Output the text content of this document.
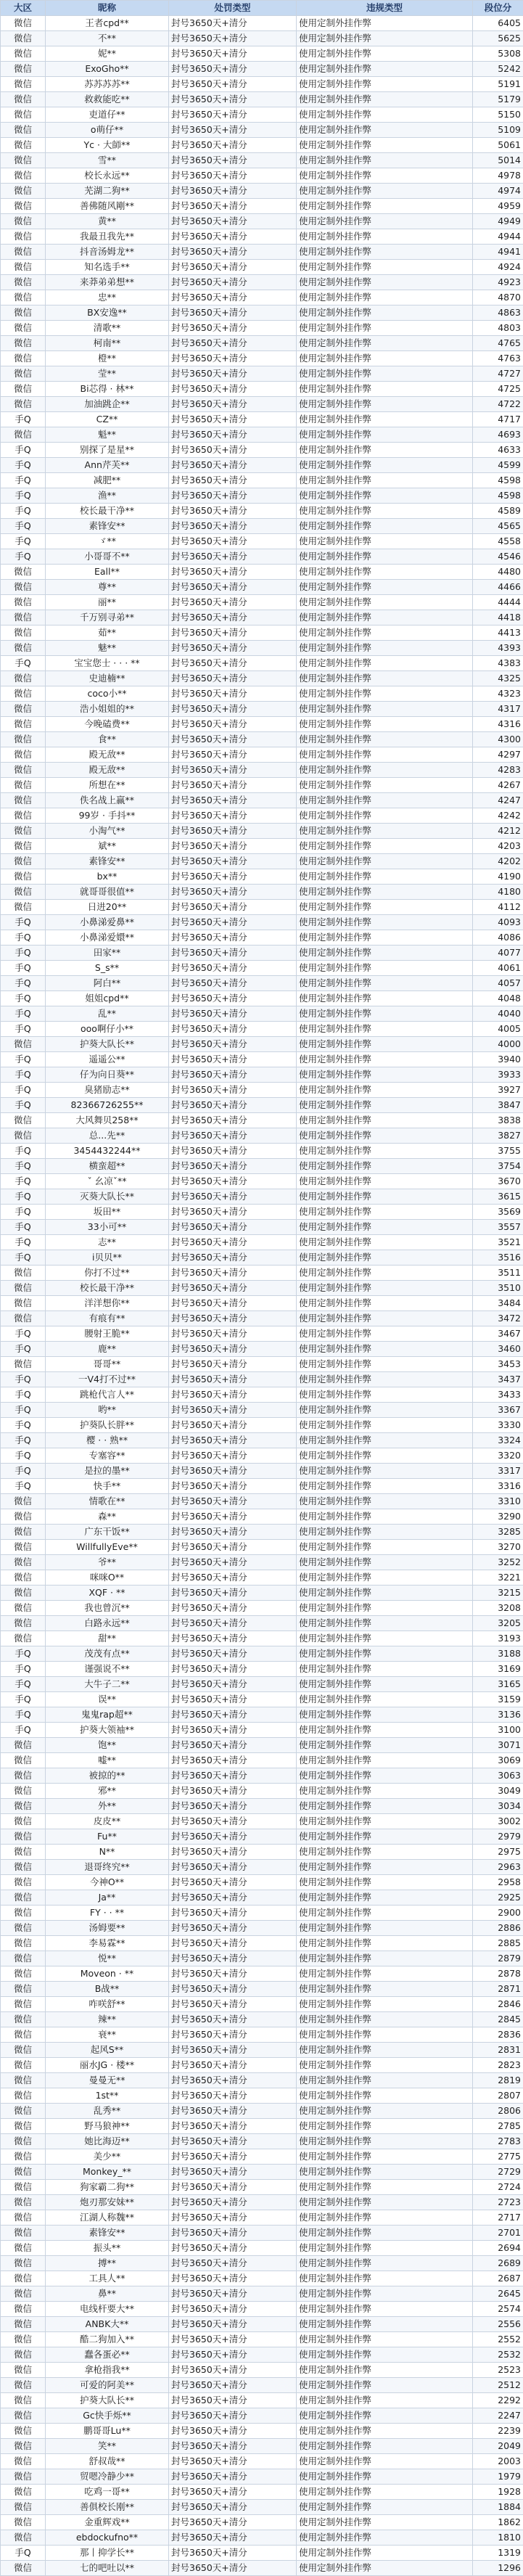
大区	昵称	处罚类型	违规类型	段位分
微信	王者cpd**	封号3650天+清分	使用定制外挂作弊	6405
微信	不**	封号3650天+清分	使用定制外挂作弊	5625
微信	妮**	封号3650天+清分	使用定制外挂作弊	5308
微信	ExoGho**	封号3650天+清分	使用定制外挂作弊	5242
微信	苏苏苏苏**	封号3650天+清分	使用定制外挂作弊	5191
微信	救救能吃**	封号3650天+清分	使用定制外挂作弊	5179
微信	吏道仔**	封号3650天+清分	使用定制外挂作弊	5150
微信	o萌仔**	封号3650天+清分	使用定制外挂作弊	5109
微信	Yc · 大師**	封号3650天+清分	使用定制外挂作弊	5061
微信	雪**	封号3650天+清分	使用定制外挂作弊	5014
微信	校长永远**	封号3650天+清分	使用定制外挂作弊	4978
微信	芜湖二狗**	封号3650天+清分	使用定制外挂作弊	4974
微信	善佛随风剛**	封号3650天+清分	使用定制外挂作弊	4959
微信	黄**	封号3650天+清分	使用定制外挂作弊	4949
微信	我最丑我先**	封号3650天+清分	使用定制外挂作弊	4944
微信	抖音汤姆龙**	封号3650天+清分	使用定制外挂作弊	4941
微信	知名选手**	封号3650天+清分	使用定制外挂作弊	4924
微信	来莽弟弟想**	封号3650天+清分	使用定制外挂作弊	4923
微信	忠**	封号3650天+清分	使用定制外挂作弊	4870
微信	BX安逸**	封号3650天+清分	使用定制外挂作弊	4863
微信	清歌**	封号3650天+清分	使用定制外挂作弊	4803
微信	柯南**	封号3650天+清分	使用定制外挂作弊	4765
微信	橙**	封号3650天+清分	使用定制外挂作弊	4763
微信	莹**	封号3650天+清分	使用定制外挂作弊	4727
微信	Bi芯得 · 林**	封号3650天+清分	使用定制外挂作弊	4725
微信	加油跳企**	封号3650天+清分	使用定制外挂作弊	4722
手Q	CZ**	封号3650天+清分	使用定制外挂作弊	4717
微信	魁**	封号3650天+清分	使用定制外挂作弊	4693
手Q	别探了是星**	封号3650天+清分	使用定制外挂作弊	4633
手Q	Ann芹芙**	封号3650天+清分	使用定制外挂作弊	4599
手Q	减肥**	封号3650天+清分	使用定制外挂作弊	4598
手Q	渔**	封号3650天+清分	使用定制外挂作弊	4598
手Q	校长最干净**	封号3650天+清分	使用定制外挂作弊	4589
手Q	素锋安**	封号3650天+清分	使用定制外挂作弊	4565
手Q	ゞ**	封号3650天+清分	使用定制外挂作弊	4558
手Q	小哥哥不**	封号3650天+清分	使用定制外挂作弊	4546
微信	Eall**	封号3650天+清分	使用定制外挂作弊	4480
微信	尊**	封号3650天+清分	使用定制外挂作弊	4466
微信	丽**	封号3650天+清分	使用定制外挂作弊	4444
微信	千万别寻弟**	封号3650天+清分	使用定制外挂作弊	4418
微信	茹**	封号3650天+清分	使用定制外挂作弊	4413
微信	魅**	封号3650天+清分	使用定制外挂作弊	4393
手Q	宝宝您士 · · · **	封号3650天+清分	使用定制外挂作弊	4383
微信	史迪楠**	封号3650天+清分	使用定制外挂作弊	4325
微信	coco小**	封号3650天+清分	使用定制外挂作弊	4323
微信	浩小姐姐的**	封号3650天+清分	使用定制外挂作弊	4317
微信	今晚磕费**	封号3650天+清分	使用定制外挂作弊	4316
微信	食**	封号3650天+清分	使用定制外挂作弊	4300
微信	殿无敌**	封号3650天+清分	使用定制外挂作弊	4297
微信	殿无敌**	封号3650天+清分	使用定制外挂作弊	4283
微信	所想在**	封号3650天+清分	使用定制外挂作弊	4267
微信	佚名战上赢**	封号3650天+清分	使用定制外挂作弊	4247
微信	99岁 · 手抖**	封号3650天+清分	使用定制外挂作弊	4242
微信	小淘气**	封号3650天+清分	使用定制外挂作弊	4212
微信	斌**	封号3650天+清分	使用定制外挂作弊	4203
微信	素锋安**	封号3650天+清分	使用定制外挂作弊	4202
微信	bx**	封号3650天+清分	使用定制外挂作弊	4190
微信	就哥哥很值**	封号3650天+清分	使用定制外挂作弊	4180
微信	日进20**	封号3650天+清分	使用定制外挂作弊	4112
手Q	小鼻涕爱鼻**	封号3650天+清分	使用定制外挂作弊	4093
手Q	小鼻涕爱嬛**	封号3650天+清分	使用定制外挂作弊	4086
手Q	田家**	封号3650天+清分	使用定制外挂作弊	4077
手Q	S_s**	封号3650天+清分	使用定制外挂作弊	4061
手Q	阿白**	封号3650天+清分	使用定制外挂作弊	4057
手Q	姐姐cpd**	封号3650天+清分	使用定制外挂作弊	4048
手Q	乱**	封号3650天+清分	使用定制外挂作弊	4040
手Q	ooo啊仔小**	封号3650天+清分	使用定制外挂作弊	4005
微信	护葵大队长**	封号3650天+清分	使用定制外挂作弊	4000
手Q	遥遥公**	封号3650天+清分	使用定制外挂作弊	3940
手Q	仔为向日葵**	封号3650天+清分	使用定制外挂作弊	3933
手Q	臭猪励志**	封号3650天+清分	使用定制外挂作弊	3927
手Q	82366726255**	封号3650天+清分	使用定制外挂作弊	3847
微信	大风舞贝258**	封号3650天+清分	使用定制外挂作弊	3838
微信	总...先**	封号3650天+清分	使用定制外挂作弊	3827
手Q	3454432244**	封号3650天+清分	使用定制外挂作弊	3755
手Q	横蛮超**	封号3650天+清分	使用定制外挂作弊	3754
手Q	ˇ 幺凉ˇ**	封号3650天+清分	使用定制外挂作弊	3670
手Q	灭葵大队长**	封号3650天+清分	使用定制外挂作弊	3615
手Q	坂田**	封号3650天+清分	使用定制外挂作弊	3569
手Q	33小可**	封号3650天+清分	使用定制外挂作弊	3557
手Q	志**	封号3650天+清分	使用定制外挂作弊	3521
手Q	i贝贝**	封号3650天+清分	使用定制外挂作弊	3516
微信	你打不过**	封号3650天+清分	使用定制外挂作弊	3511
微信	校长最干净**	封号3650天+清分	使用定制外挂作弊	3510
微信	洋洋想你**	封号3650天+清分	使用定制外挂作弊	3484
微信	有痕有**	封号3650天+清分	使用定制外挂作弊	3472
手Q	腰射王脆**	封号3650天+清分	使用定制外挂作弊	3467
手Q	鹿**	封号3650天+清分	使用定制外挂作弊	3460
微信	哥哥**	封号3650天+清分	使用定制外挂作弊	3453
手Q	一V4打不过**	封号3650天+清分	使用定制外挂作弊	3437
手Q	跳枪代言人**	封号3650天+清分	使用定制外挂作弊	3433
手Q	哟**	封号3650天+清分	使用定制外挂作弊	3367
手Q	护葵队长胖**	封号3650天+清分	使用定制外挂作弊	3330
手Q	樱 · · 熟**	封号3650天+清分	使用定制外挂作弊	3324
手Q	专塞容**	封号3650天+清分	使用定制外挂作弊	3320
手Q	是拉的墨**	封号3650天+清分	使用定制外挂作弊	3317
手Q	快手**	封号3650天+清分	使用定制外挂作弊	3316
微信	情歌在**	封号3650天+清分	使用定制外挂作弊	3310
微信	森**	封号3650天+清分	使用定制外挂作弊	3290
微信	广东干饭**	封号3650天+清分	使用定制外挂作弊	3285
微信	WillfullyEve**	封号3650天+清分	使用定制外挂作弊	3270
微信	爷**	封号3650天+清分	使用定制外挂作弊	3252
微信	咪咪O**	封号3650天+清分	使用定制外挂作弊	3221
微信	XQF · **	封号3650天+清分	使用定制外挂作弊	3215
微信	我也曾沉**	封号3650天+清分	使用定制外挂作弊	3208
微信	白路永远**	封号3650天+清分	使用定制外挂作弊	3205
微信	甜**	封号3650天+清分	使用定制外挂作弊	3193
手Q	茂茂有点**	封号3650天+清分	使用定制外挂作弊	3188
手Q	谨强说不**	封号3650天+清分	使用定制外挂作弊	3169
手Q	大牛子二**	封号3650天+清分	使用定制外挂作弊	3165
手Q	误**	封号3650天+清分	使用定制外挂作弊	3159
手Q	鬼鬼rap超**	封号3650天+清分	使用定制外挂作弊	3136
手Q	护葵大领袖**	封号3650天+清分	使用定制外挂作弊	3100
微信	饱**	封号3650天+清分	使用定制外挂作弊	3071
微信	嘘**	封号3650天+清分	使用定制外挂作弊	3069
微信	被掠的**	封号3650天+清分	使用定制外挂作弊	3063
微信	邪**	封号3650天+清分	使用定制外挂作弊	3049
微信	外**	封号3650天+清分	使用定制外挂作弊	3034
微信	皮皮**	封号3650天+清分	使用定制外挂作弊	3002
微信	Fu**	封号3650天+清分	使用定制外挂作弊	2979
微信	N**	封号3650天+清分	使用定制外挂作弊	2975
微信	退哥终究**	封号3650天+清分	使用定制外挂作弊	2963
微信	今神O**	封号3650天+清分	使用定制外挂作弊	2958
微信	Ja**	封号3650天+清分	使用定制外挂作弊	2925
微信	FY · · **	封号3650天+清分	使用定制外挂作弊	2900
微信	汤姆要**	封号3650天+清分	使用定制外挂作弊	2886
微信	李易霖**	封号3650天+清分	使用定制外挂作弊	2885
微信	悦**	封号3650天+清分	使用定制外挂作弊	2879
微信	Moveon · **	封号3650天+清分	使用定制外挂作弊	2878
微信	B战**	封号3650天+清分	使用定制外挂作弊	2871
微信	咋咲舒**	封号3650天+清分	使用定制外挂作弊	2846
微信	辣**	封号3650天+清分	使用定制外挂作弊	2845
微信	衰**	封号3650天+清分	使用定制外挂作弊	2836
微信	起风S**	封号3650天+清分	使用定制外挂作弊	2831
微信	丽水JG · 楼**	封号3650天+清分	使用定制外挂作弊	2823
微信	曼曼无**	封号3650天+清分	使用定制外挂作弊	2819
微信	1st**	封号3650天+清分	使用定制外挂作弊	2807
微信	乱秀**	封号3650天+清分	使用定制外挂作弊	2806
微信	野马狼神**	封号3650天+清分	使用定制外挂作弊	2785
微信	她比海迈**	封号3650天+清分	使用定制外挂作弊	2783
微信	美少**	封号3650天+清分	使用定制外挂作弊	2775
微信	Monkey_**	封号3650天+清分	使用定制外挂作弊	2729
微信	狗家霸二狗**	封号3650天+清分	使用定制外挂作弊	2724
微信	炮刃那安妹**	封号3650天+清分	使用定制外挂作弊	2723
微信	江湖人称魏**	封号3650天+清分	使用定制外挂作弊	2717
微信	素锋安**	封号3650天+清分	使用定制外挂作弊	2701
微信	振头**	封号3650天+清分	使用定制外挂作弊	2694
微信	搏**	封号3650天+清分	使用定制外挂作弊	2689
微信	工具人**	封号3650天+清分	使用定制外挂作弊	2687
微信	鼻**	封号3650天+清分	使用定制外挂作弊	2645
微信	电线杆要大**	封号3650天+清分	使用定制外挂作弊	2574
微信	ANBK大**	封号3650天+清分	使用定制外挂作弊	2556
微信	酷二狗加入**	封号3650天+清分	使用定制外挂作弊	2552
微信	蠢各蛋必**	封号3650天+清分	使用定制外挂作弊	2532
微信	拿枪指我**	封号3650天+清分	使用定制外挂作弊	2523
微信	可爱的阿美**	封号3650天+清分	使用定制外挂作弊	2512
微信	护葵大队长**	封号3650天+清分	使用定制外挂作弊	2292
微信	Gc快手烁**	封号3650天+清分	使用定制外挂作弊	2247
微信	鹏哥哥Lu**	封号3650天+清分	使用定制外挂作弊	2239
微信	笑**	封号3650天+清分	使用定制外挂作弊	2049
微信	舒叔哉**	封号3650天+清分	使用定制外挂作弊	2003
微信	贸嗯冷静少**	封号3650天+清分	使用定制外挂作弊	1979
微信	吃鸡一哥**	封号3650天+清分	使用定制外挂作弊	1928
微信	善俱校长刚**	封号3650天+清分	使用定制外挂作弊	1884
微信	金重辉戏**	封号3650天+清分	使用定制外挂作弊	1862
微信	ebdockufno**	封号3650天+清分	使用定制外挂作弊	1810
手Q	那丨抑学长**	封号3650天+清分	使用定制外挂作弊	1319
微信	七的吧吐以**	封号3650天+清分	使用定制外挂作弊	1296
